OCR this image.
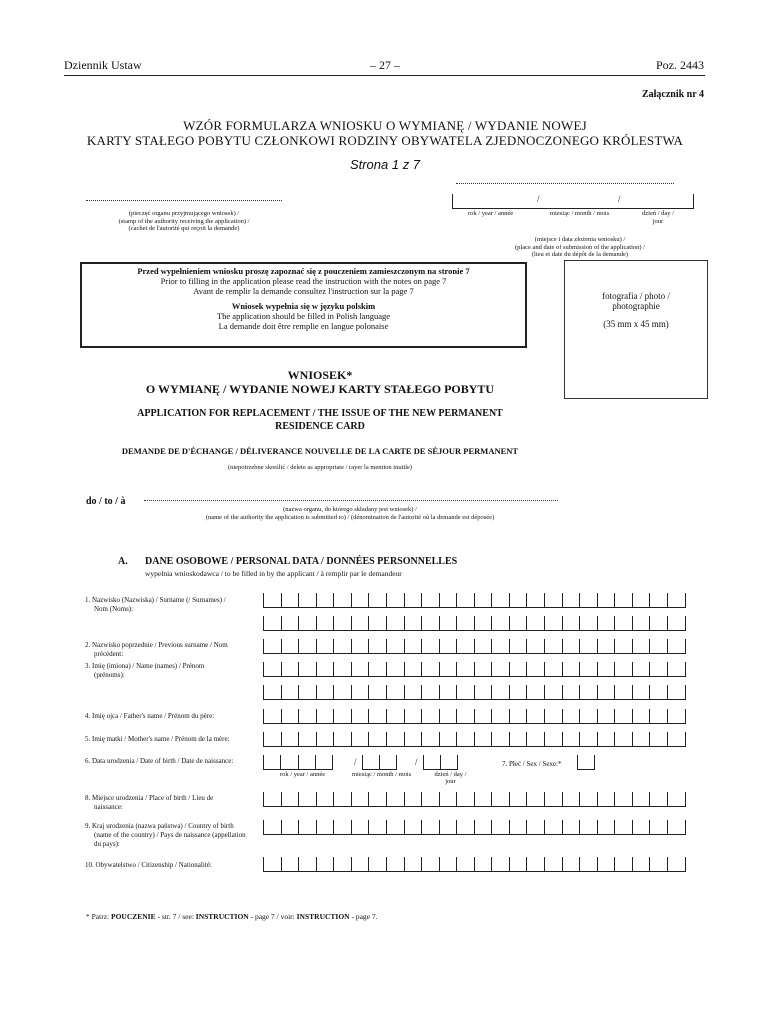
Dziennik Ustaw	– 27 –	Poz. 2443
Załącznik nr 4
WZÓR FORMULARZA WNIOSKU O WYMIANĘ / WYDANIE NOWEJ
KARTY STAŁEGO POBYTU CZŁONKOWI RODZINY OBYWATELA ZJEDNOCZONEGO KRÓLESTWA
Strona 1 z 7
(pieczęć organu przyjmującego wniosek) /
(stamp of the authority receiving the application) /
(cachet de l'autorité qui reçoit la demande)
/	/
rok / year / année	miesiąc / month / mois	dzień / day / jour
(miejsce i data złożenia wniosku) /
(place and date of submission of the application) /
(lieu et date du dépôt de la demande)
Przed wypełnieniem wniosku proszę zapoznać się z pouczeniem zamieszczonym na stronie 7
Prior to filling in the application please read the instruction with the notes on page 7
Avant de remplir la demande consultez l'instruction sur la page 7
Wniosek wypełnia się w języku polskim
The application should be filled in Polish language
La demande doit être remplie en langue polonaise
fotografia / photo /
photographie
(35 mm x 45 mm)
WNIOSEK*
O WYMIANĘ / WYDANIE NOWEJ KARTY STAŁEGO POBYTU
APPLICATION FOR REPLACEMENT / THE ISSUE OF THE NEW PERMANENT
RESIDENCE CARD
DEMANDE DE D'ÉCHANGE / DÉLIVERANCE NOUVELLE DE LA CARTE DE SÉJOUR PERMANENT
(niepotrzebne skreślić / delete as appropriate / rayer la mention inutile)
do / to / à
(nazwa organu, do którego składany jest wniosek) /
(name of the authority the application is submitted to) / (dénomination de l'autorité où la demande est déposée)
A. DANE OSOBOWE / PERSONAL DATA / DONNÉES PERSONNELLES
wypełnia wnioskodawca / to be filled in by the applicant / à remplir par le demandeur
1. Nazwisko (Nazwiska) / Surname (/ Surnames) /
Nom (Noms):
2. Nazwisko poprzednie / Previous surname / Nom
précédent:
3. Imię (imiona) / Name (names) / Prénom
(prénoms):
4. Imię ojca / Father's name / Prénom du père:
5. Imię matki / Mother's name / Prénom de la mère:
6. Data urodzenia / Date of birth / Date de naissance:
rok / year / année	miesiąc / month / mois	dzień / day /
jour
/	/	7. Płeć / Sex / Sexe:*
8. Miejsce urodzenia / Place of birth / Lieu de
naissance:
9. Kraj urodzenia (nazwa państwa) / Country of birth
(name of the country) / Pays de naissance (appellation
du pays):
10. Obywatelstwo / Citizenship / Nationalité:
* Patrz: POUCZENIE - str. 7 / see: INSTRUCTION - page 7 / voir: INSTRUCTION - page 7.
